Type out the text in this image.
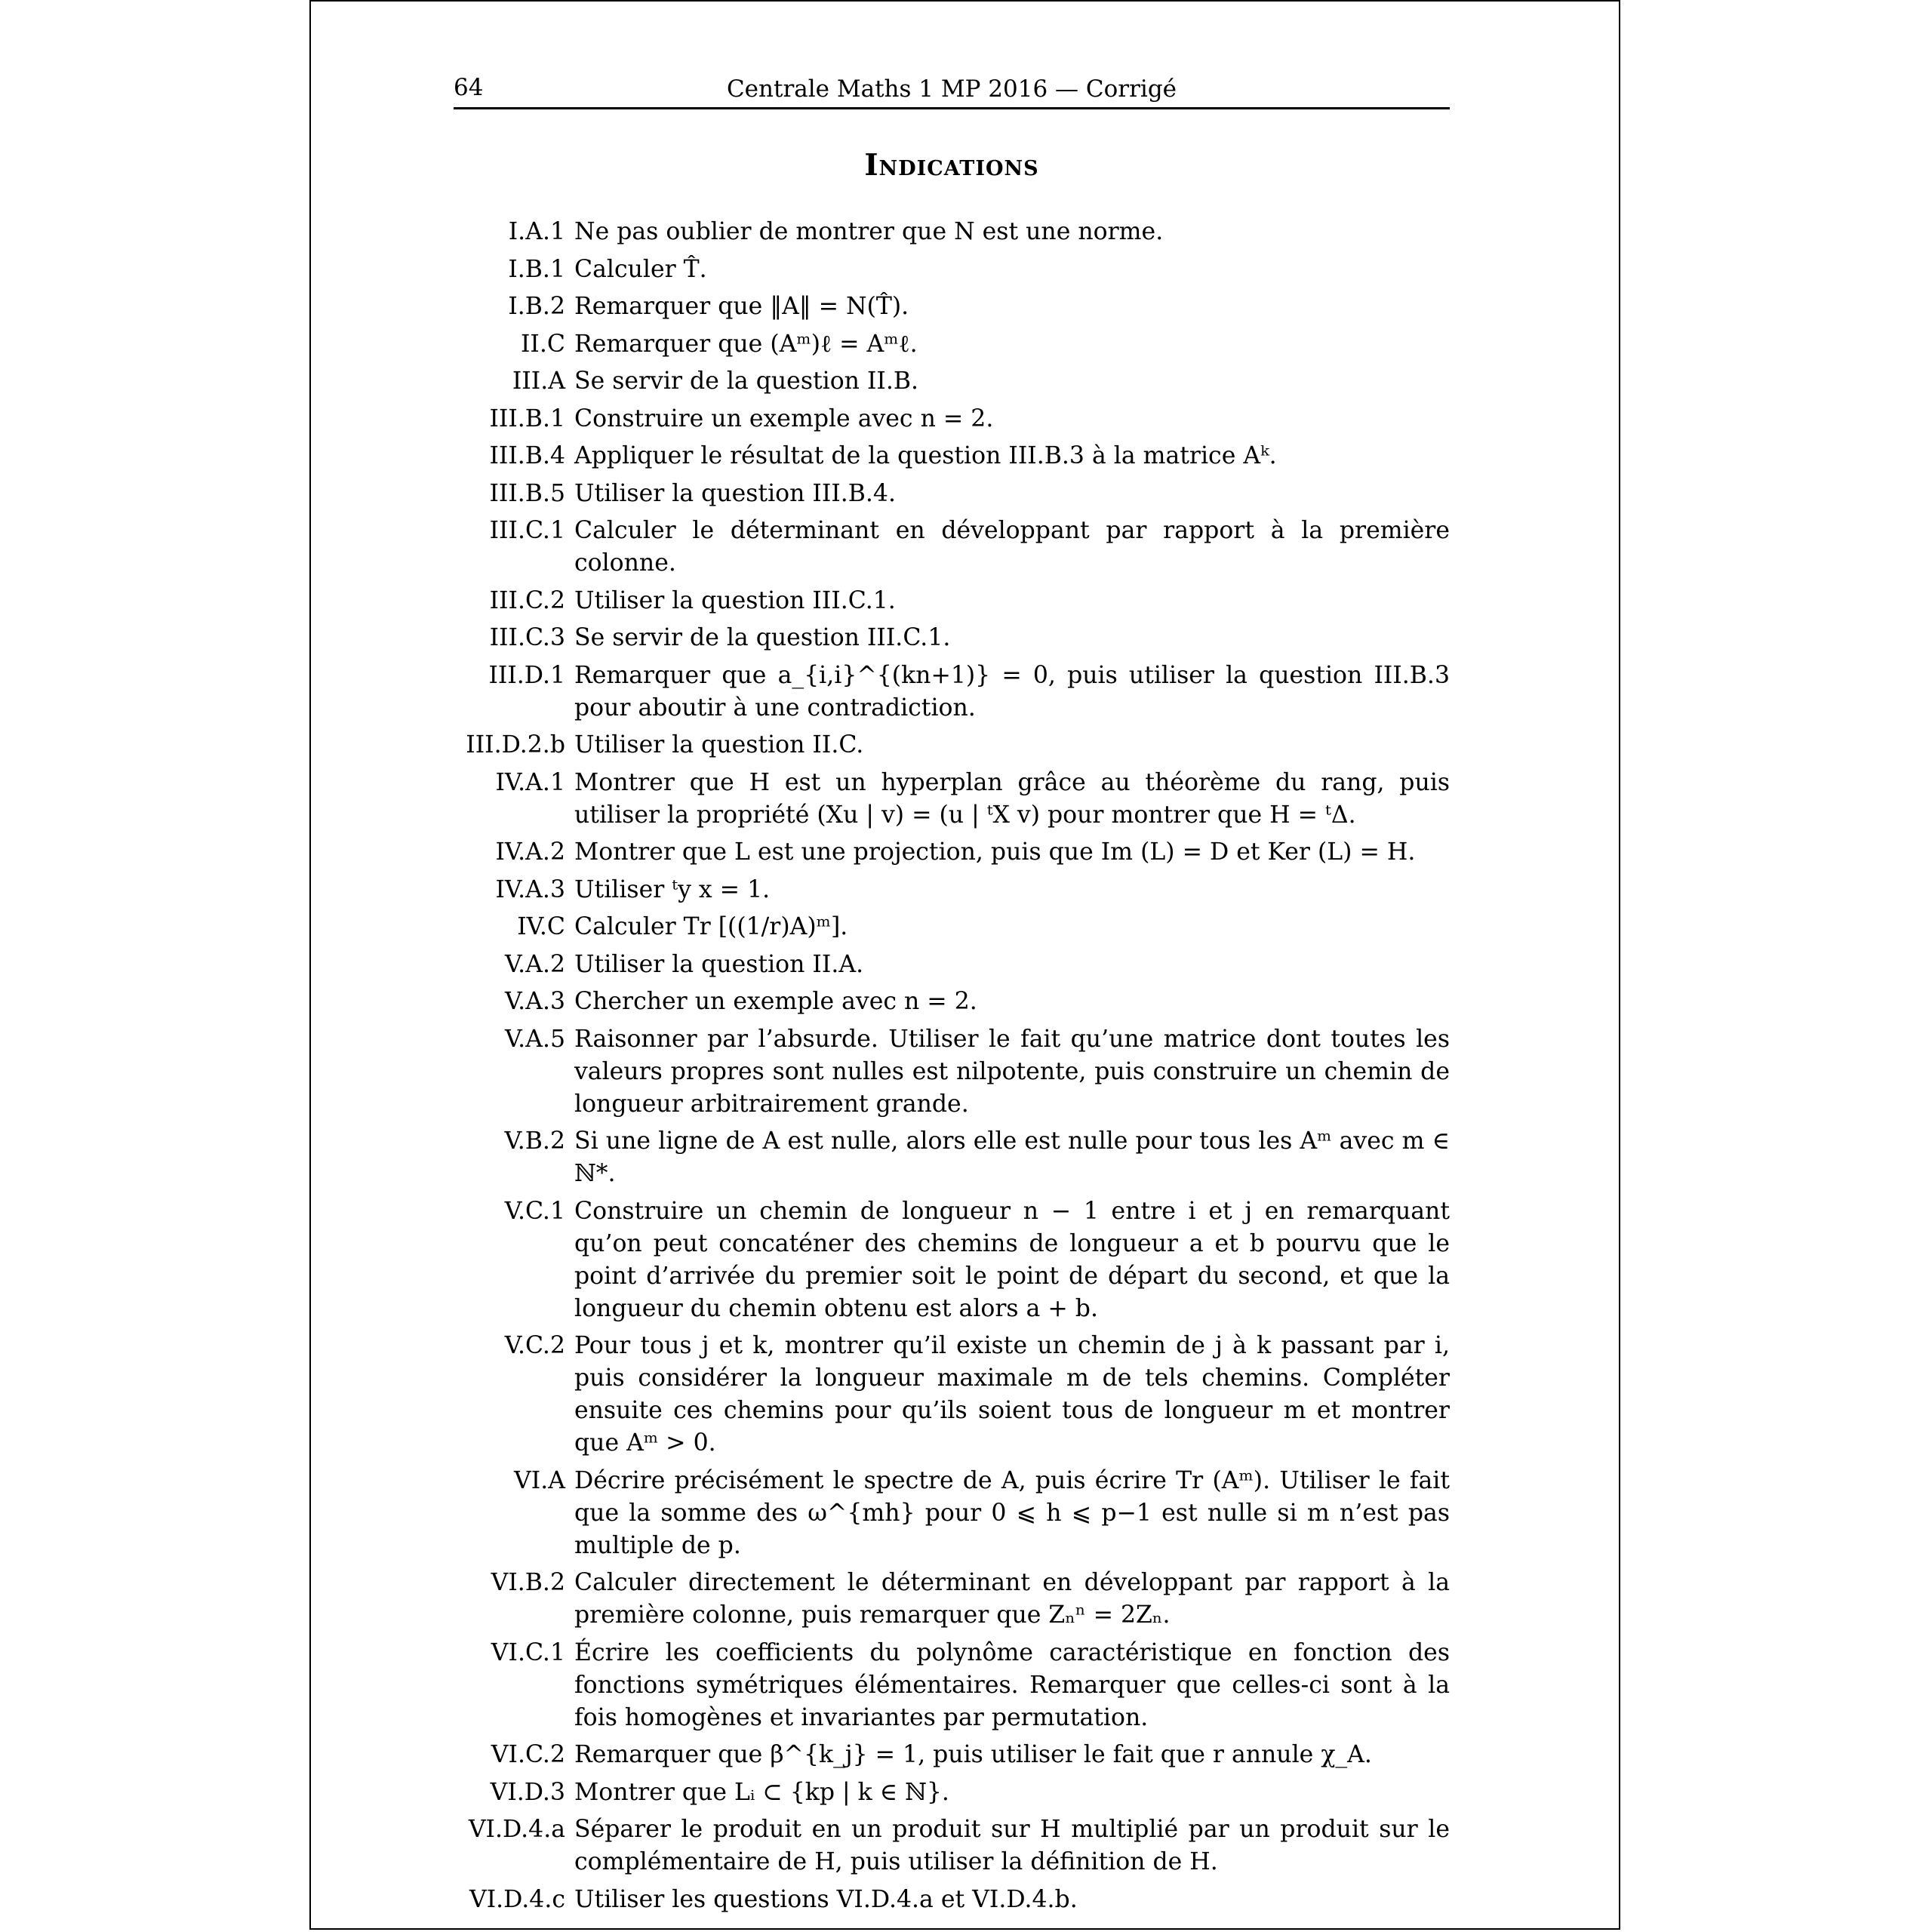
64	Centrale Maths 1 MP 2016 — Corrigé
Indications
I.A.1 Ne pas oublier de montrer que N est une norme.
I.B.1 Calculer T̂.
I.B.2 Remarquer que ‖A‖ = N(T̂).
II.C Remarquer que (Aᵐ)ℓ = Aᵐℓ.
III.A Se servir de la question II.B.
III.B.1 Construire un exemple avec n = 2.
III.B.4 Appliquer le résultat de la question III.B.3 à la matrice Aᵏ.
III.B.5 Utiliser la question III.B.4.
III.C.1 Calculer le déterminant en développant par rapport à la première colonne.
III.C.2 Utiliser la question III.C.1.
III.C.3 Se servir de la question III.C.1.
III.D.1 Remarquer que a_{i,i}^{(kn+1)} = 0, puis utiliser la question III.B.3 pour aboutir à une contradiction.
III.D.2.b Utiliser la question II.C.
IV.A.1 Montrer que H est un hyperplan grâce au théorème du rang, puis utiliser la propriété (Xu | v) = (u | ᵗX v) pour montrer que H = ᵗΔ.
IV.A.2 Montrer que L est une projection, puis que Im (L) = D et Ker (L) = H.
IV.A.3 Utiliser ᵗy x = 1.
IV.C Calculer Tr [((1/r)A)ᵐ].
V.A.2 Utiliser la question II.A.
V.A.3 Chercher un exemple avec n = 2.
V.A.5 Raisonner par l’absurde. Utiliser le fait qu’une matrice dont toutes les valeurs propres sont nulles est nilpotente, puis construire un chemin de longueur arbitrairement grande.
V.B.2 Si une ligne de A est nulle, alors elle est nulle pour tous les Aᵐ avec m ∈ ℕ*.
V.C.1 Construire un chemin de longueur n − 1 entre i et j en remarquant qu’on peut concaténer des chemins de longueur a et b pourvu que le point d’arrivée du premier soit le point de départ du second, et que la longueur du chemin obtenu est alors a + b.
V.C.2 Pour tous j et k, montrer qu’il existe un chemin de j à k passant par i, puis considérer la longueur maximale m de tels chemins. Compléter ensuite ces chemins pour qu’ils soient tous de longueur m et montrer que Aᵐ > 0.
VI.A Décrire précisément le spectre de A, puis écrire Tr (Aᵐ). Utiliser le fait que la somme des ω^{mh} pour 0 ⩽ h ⩽ p−1 est nulle si m n’est pas multiple de p.
VI.B.2 Calculer directement le déterminant en développant par rapport à la première colonne, puis remarquer que Zₙⁿ = 2Zₙ.
VI.C.1 Écrire les coefficients du polynôme caractéristique en fonction des fonctions symétriques élémentaires. Remarquer que celles-ci sont à la fois homogènes et invariantes par permutation.
VI.C.2 Remarquer que β^{k_j} = 1, puis utiliser le fait que r annule χ_A.
VI.D.3 Montrer que Lᵢ ⊂ {kp | k ∈ ℕ}.
VI.D.4.a Séparer le produit en un produit sur H multiplié par un produit sur le complémentaire de H, puis utiliser la définition de H.
VI.D.4.c Utiliser les questions VI.D.4.a et VI.D.4.b.
